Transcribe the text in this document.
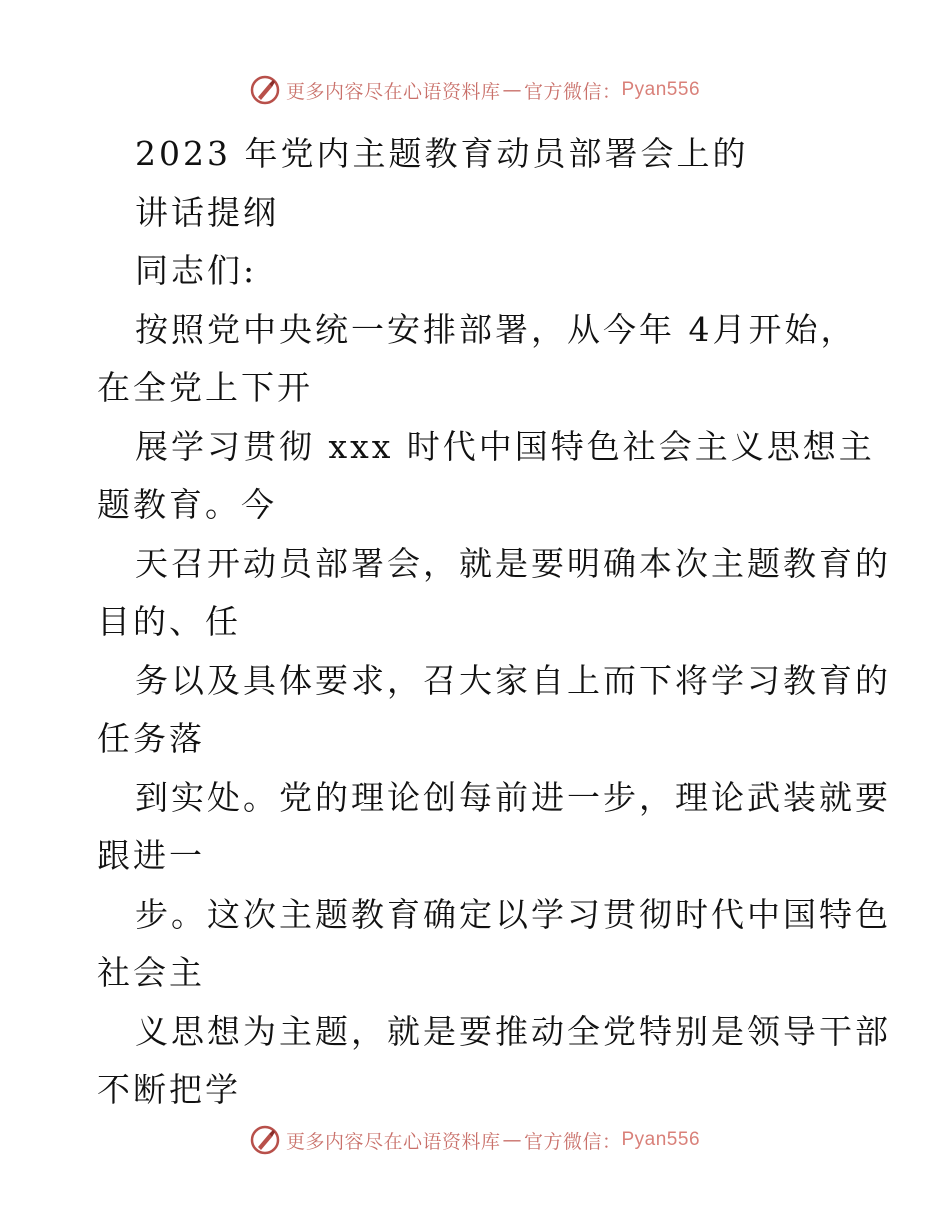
更多内容尽在心语资料库 — 官方微信： Pyan556
2023 年党内主题教育动员部署会上的
讲话提纲
同志们:
按照党中央统一安排部署，从今年 4月开始，
在全党上下开
展学习贯彻 xxx 时代中国特色社会主义思想主
题教育。今
天召开动员部署会，就是要明确本次主题教育的
目的、任
务以及具体要求，召大家自上而下将学习教育的
任务落
到实处。党的理论创每前进一步，理论武装就要
跟进一
步。这次主题教育确定以学习贯彻时代中国特色
社会主
义思想为主题，就是要推动全党特别是领导干部
不断把学
更多内容尽在心语资料库 — 官方微信： Pyan556
